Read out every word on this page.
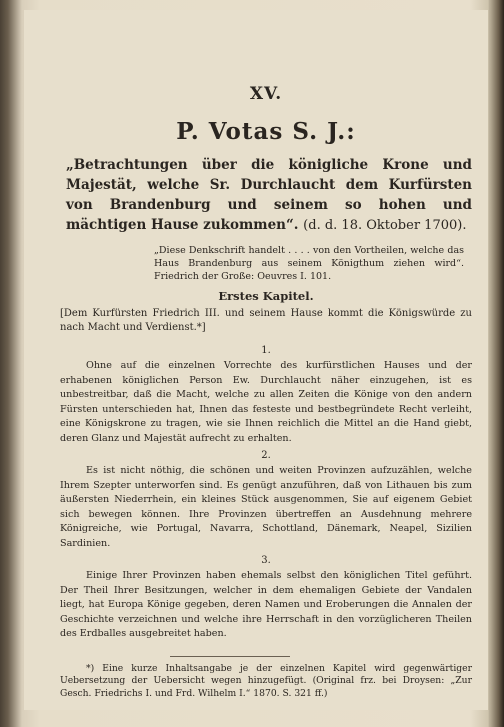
XV.
P. Votas S. J.:
„Betrachtungen über die königliche Krone und Majestät, welche Sr. Durchlaucht dem Kurfürsten von Brandenburg und seinem so hohen und mächtigen Hause zukommen“. (d. d. 18. Oktober 1700).
„Diese Denkschrift handelt . . . . von den Vortheilen, welche das Haus Brandenburg aus seinem Königthum ziehen wird“. Friedrich der Große: Oeuvres I. 101.
Erstes Kapitel.
[Dem Kurfürsten Friedrich III. und seinem Hause kommt die Königswürde zu nach Macht und Verdienst.*]
1.

Ohne auf die einzelnen Vorrechte des kurfürstlichen Hauses und der erhabenen königlichen Person Ew. Durchlaucht näher einzugehen, ist es unbestreitbar, daß die Macht, welche zu allen Zeiten die Könige von den andern Fürsten unterschieden hat, Ihnen das festeste und bestbegründete Recht verleiht, eine Königskrone zu tragen, wie sie Ihnen reichlich die Mittel an die Hand giebt, deren Glanz und Majestät aufrecht zu erhalten.

2.

Es ist nicht nöthig, die schönen und weiten Provinzen aufzuzählen, welche Ihrem Szepter unterworfen sind. Es genügt anzuführen, daß von Lithauen bis zum äußersten Niederrhein, ein kleines Stück ausgenommen, Sie auf eigenem Gebiet sich bewegen können. Ihre Provinzen übertreffen an Ausdehnung mehrere Königreiche, wie Portugal, Navarra, Schottland, Dänemark, Neapel, Sizilien Sardinien.

3.

Einige Ihrer Provinzen haben ehemals selbst den königlichen Titel geführt. Der Theil Ihrer Besitzungen, welcher in dem ehemaligen Gebiete der Vandalen liegt, hat Europa Könige gegeben, deren Namen und Eroberungen die Annalen der Geschichte verzeichnen und welche ihre Herrschaft in den vorzüglicheren Theilen des Erdballes ausgebreitet haben.

*) Eine kurze Inhaltsangabe je der einzelnen Kapitel wird gegenwärtiger Uebersetzung der Uebersicht wegen hinzugefügt. (Original frz. bei Droysen: „Zur Gesch. Friedrichs I. und Frd. Wilhelm I.“ 1870. S. 321 ff.)
